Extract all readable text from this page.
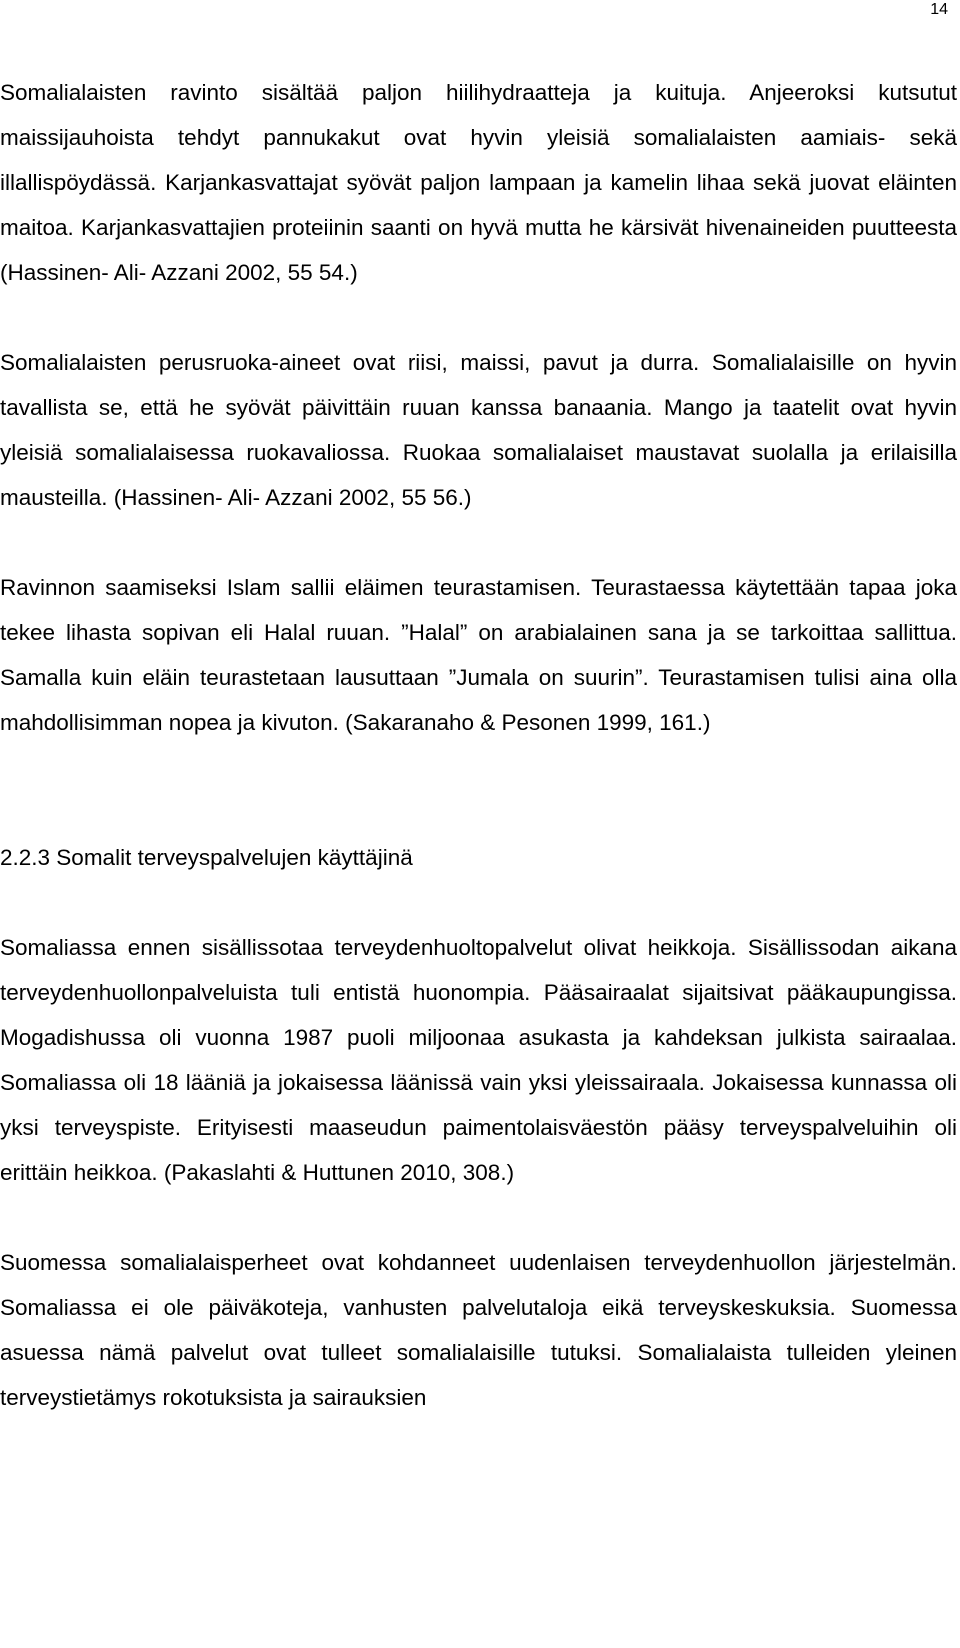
14

Somalialaisten ravinto sisältää paljon hiilihydraatteja ja kuituja. Anjeeroksi kutsutut maissijauhoista tehdyt pannukakut ovat hyvin yleisiä somalialaisten aamiais- sekä illallispöydässä. Karjankasvattajat syövät paljon lampaan ja kamelin lihaa sekä juovat eläinten maitoa. Karjankasvattajien proteiinin saanti on hyvä mutta he kärsivät hivenaineiden puutteesta (Hassinen- Ali- Azzani 2002, 55 54.)

Somalialaisten perusruoka-aineet ovat riisi, maissi, pavut ja durra. Somalialaisille on hyvin tavallista se, että he syövät päivittäin ruuan kanssa banaania. Mango ja taatelit ovat hyvin yleisiä somalialaisessa ruokavaliossa. Ruokaa somalialaiset maustavat suolalla ja erilaisilla mausteilla. (Hassinen- Ali- Azzani 2002, 55 56.)

Ravinnon saamiseksi Islam sallii eläimen teurastamisen. Teurastaessa käytettään tapaa joka tekee lihasta sopivan eli Halal ruuan. ”Halal” on arabialainen sana ja se tarkoittaa sallittua. Samalla kuin eläin teurastetaan lausuttaan ”Jumala on suurin”. Teurastamisen tulisi aina olla mahdollisimman nopea ja kivuton. (Sakaranaho & Pesonen 1999, 161.)

2.2.3 Somalit terveyspalvelujen käyttäjinä

Somaliassa ennen sisällissotaa terveydenhuoltopalvelut olivat heikkoja. Sisällissodan aikana terveydenhuollonpalveluista tuli entistä huonompia. Pääsairaalat sijaitsivat pääkaupungissa. Mogadishussa oli vuonna 1987 puoli miljoonaa asukasta ja kahdeksan julkista sairaalaa. Somaliassa oli 18 lääniä ja jokaisessa läänissä vain yksi yleissairaala. Jokaisessa kunnassa oli yksi terveyspiste. Erityisesti maaseudun paimentolaisväestön pääsy terveyspalveluihin oli erittäin heikkoa. (Pakaslahti & Huttunen 2010, 308.)

Suomessa somalialaisperheet ovat kohdanneet uudenlaisen terveydenhuollon järjestelmän. Somaliassa ei ole päiväkoteja, vanhusten palvelutaloja eikä terveyskeskuksia. Suomessa asuessa nämä palvelut ovat tulleet somalialaisille tutuksi. Somalialaista tulleiden yleinen terveystietämys rokotuksista ja sairauksien
